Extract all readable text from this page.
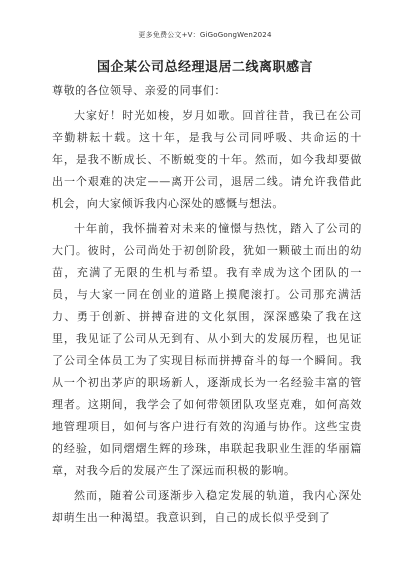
更多免费公文+V：GiGoGongWen2024
国企某公司总经理退居二线离职感言

尊敬的各位领导、亲爱的同事们：

大家好！时光如梭，岁月如歌。回首往昔，我已在公司辛勤耕耘十载。这十年，是我与公司同呼吸、共命运的十年，是我不断成长、不断蜕变的十年。然而，如今我却要做出一个艰难的决定——离开公司，退居二线。请允许我借此机会，向大家倾诉我内心深处的感慨与想法。

十年前，我怀揣着对未来的憧憬与热忱，踏入了公司的大门。彼时，公司尚处于初创阶段，犹如一颗破土而出的幼苗，充满了无限的生机与希望。我有幸成为这个团队的一员，与大家一同在创业的道路上摸爬滚打。公司那充满活力、勇于创新、拼搏奋进的文化氛围，深深感染了我在这里，我见证了公司从无到有、从小到大的发展历程，也见证了公司全体员工为了实现目标而拼搏奋斗的每一个瞬间。我从一个初出茅庐的职场新人，逐渐成长为一名经验丰富的管理者。这期间，我学会了如何带领团队攻坚克难，如何高效地管理项目，如何与客户进行有效的沟通与协作。这些宝贵的经验，如同熠熠生辉的珍珠，串联起我职业生涯的华丽篇章，对我今后的发展产生了深远而积极的影响。

然而，随着公司逐渐步入稳定发展的轨道，我内心深处却萌生出一种渴望。我意识到，自己的成长似乎受到了
